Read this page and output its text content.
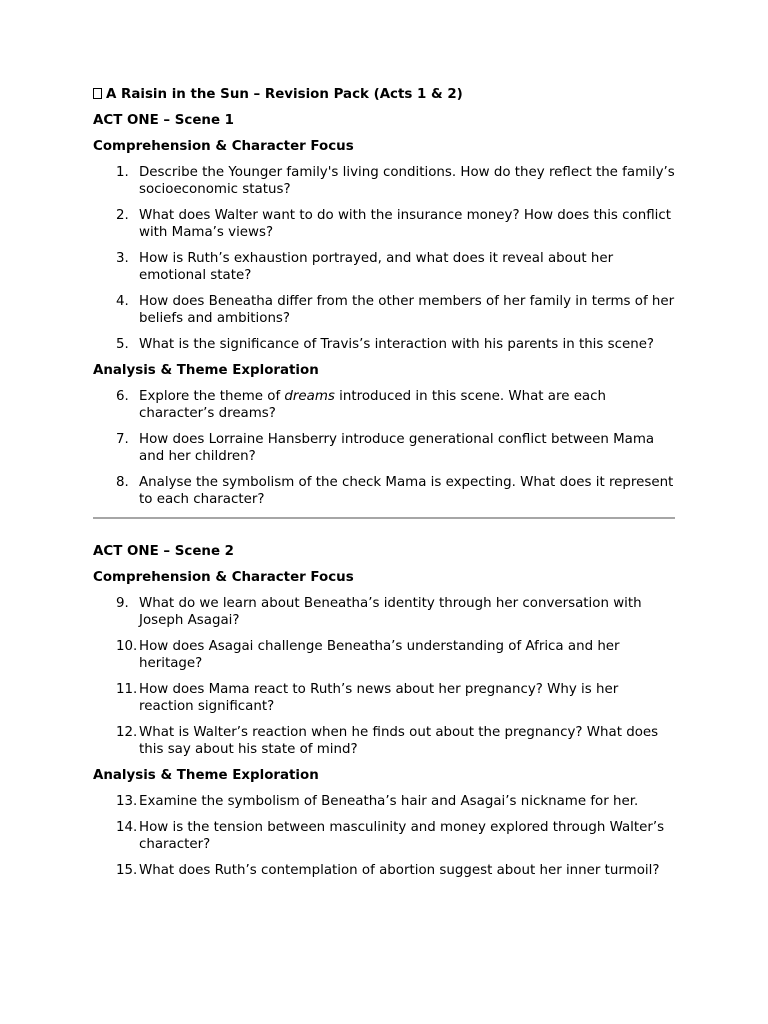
A Raisin in the Sun – Revision Pack (Acts 1 & 2)
ACT ONE – Scene 1
Comprehension & Character Focus
1. Describe the Younger family's living conditions. How do they reflect the family’s socioeconomic status?
2. What does Walter want to do with the insurance money? How does this conflict with Mama’s views?
3. How is Ruth’s exhaustion portrayed, and what does it reveal about her emotional state?
4. How does Beneatha differ from the other members of her family in terms of her beliefs and ambitions?
5. What is the significance of Travis’s interaction with his parents in this scene?
Analysis & Theme Exploration
6. Explore the theme of dreams introduced in this scene. What are each character’s dreams?
7. How does Lorraine Hansberry introduce generational conflict between Mama and her children?
8. Analyse the symbolism of the check Mama is expecting. What does it represent to each character?
ACT ONE – Scene 2
Comprehension & Character Focus
9. What do we learn about Beneatha’s identity through her conversation with Joseph Asagai?
10. How does Asagai challenge Beneatha’s understanding of Africa and her heritage?
11. How does Mama react to Ruth’s news about her pregnancy? Why is her reaction significant?
12. What is Walter’s reaction when he finds out about the pregnancy? What does this say about his state of mind?
Analysis & Theme Exploration
13. Examine the symbolism of Beneatha’s hair and Asagai’s nickname for her.
14. How is the tension between masculinity and money explored through Walter’s character?
15. What does Ruth’s contemplation of abortion suggest about her inner turmoil?
